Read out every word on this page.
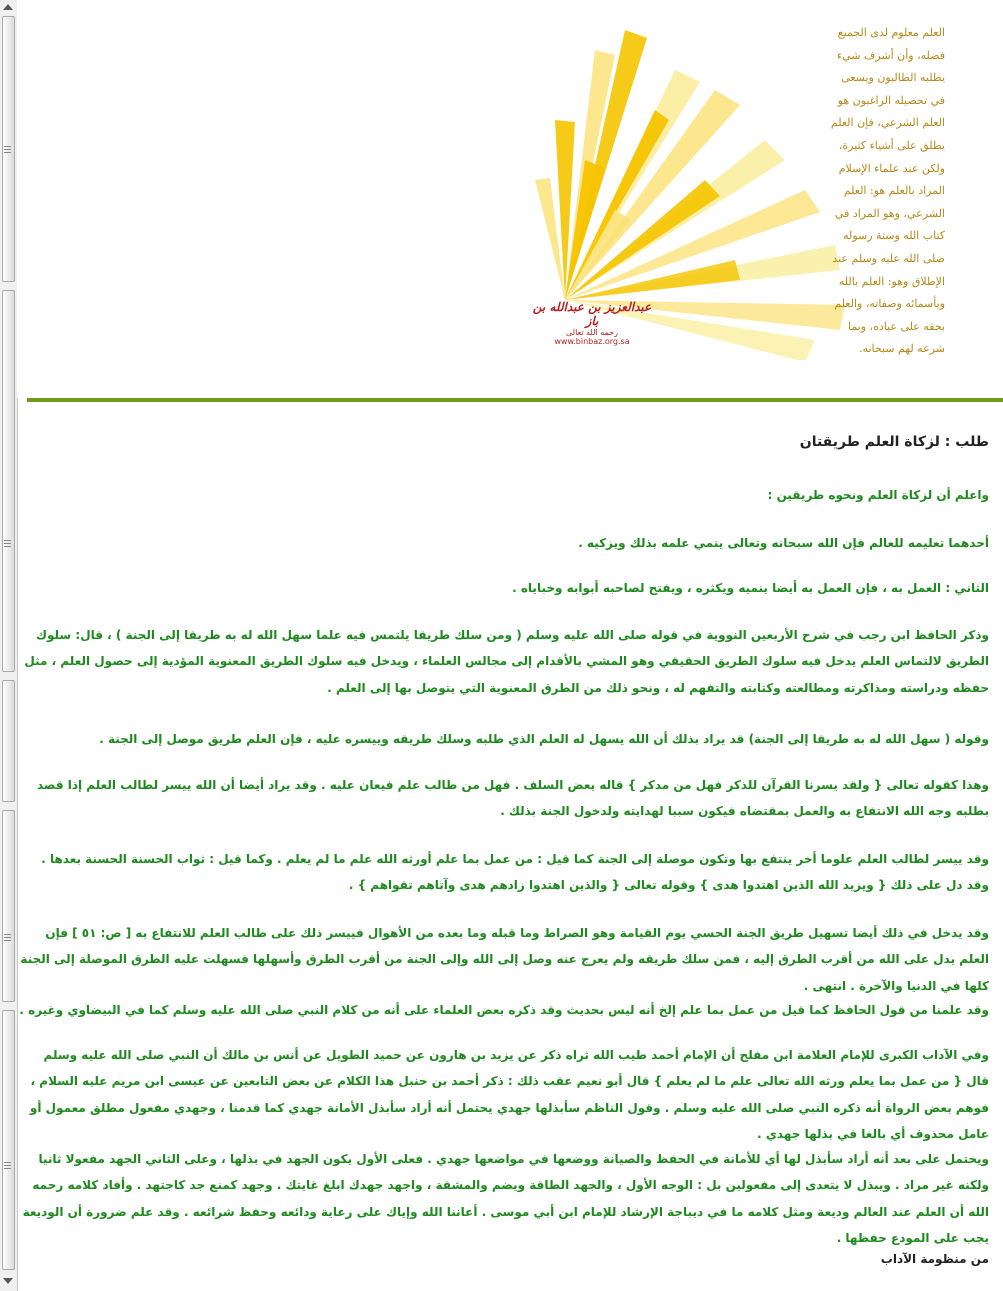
عبدالعزيز بن عبدالله بن باز
رحمه الله تعالى
www.binbaz.org.sa
العلم معلوم لدى الجميع
فضله، وأن أشرف شيء
يطلبه الطالبون ويسعى
في تحصيله الراغبون هو
العلم الشرعي، فإن العلم
يطلق على أشياء كثيرة،
ولكن عند علماء الإسلام
المراد بالعلم هو: العلم
الشرعي، وهو المراد في
كتاب الله وسنة رسوله
صلى الله عليه وسلم عند
الإطلاق وهو: العلم بالله
وبأسمائه وصفاته، والعلم
بحقه على عباده، وبما
شرعه لهم سبحانه.
طلب : لزكاة العلم طريقتان
واعلم أن لزكاة العلم ونحوه طريقين :
أحدهما تعليمه للعالم فإن الله سبحانه وتعالى ينمي علمه بذلك ويزكيه .
الثاني : العمل به ، فإن العمل به أيضا ينميه ويكثره ، ويفتح لصاحبه أبوابه وخباياه .
وذكر الحافظ ابن رجب في شرح الأربعين النووية في قوله صلى الله عليه وسلم ( ومن سلك طريقا يلتمس فيه علما سهل الله له به طريقا إلى الجنة ) ، قال: سلوك الطريق لالتماس العلم يدخل فيه سلوك الطريق الحقيقي وهو المشي بالأقدام إلى مجالس العلماء ، ويدخل فيه سلوك الطريق المعنوية المؤدية إلى حصول العلم ، مثل حفظه ودراسته ومذاكرته ومطالعته وكتابته والتفهم له ، ونحو ذلك من الطرق المعنوية التي يتوصل بها إلى العلم .
وقوله ( سهل الله له به طريقا إلى الجنة) قد يراد بذلك أن الله يسهل له العلم الذي طلبه وسلك طريقه وييسره عليه ، فإن العلم طريق موصل إلى الجنة .
وهذا كقوله تعالى { ولقد يسرنا القرآن للذكر فهل من مدكر } قاله بعض السلف . فهل من طالب علم فيعان عليه . وقد يراد أيضا أن الله ييسر لطالب العلم إذا قصد بطلبه وجه الله الانتفاع به والعمل بمقتضاه فيكون سببا لهدايته ولدخول الجنة بذلك .
وقد ييسر لطالب العلم علوما أخر ينتفع بها وتكون موصلة إلى الجنة كما قيل : من عمل بما علم أورثه الله علم ما لم يعلم . وكما قيل : ثواب الحسنة الحسنة بعدها . وقد دل على ذلك { ويزيد الله الذين اهتدوا هدى } وقوله تعالى { والذين اهتدوا زادهم هدى وآتاهم تقواهم } .
وقد يدخل في ذلك أيضا تسهيل طريق الجنة الحسي يوم القيامة وهو الصراط وما قبله وما بعده من الأهوال فييسر ذلك على طالب العلم للانتفاع به [ ص: ٥١ ] فإن العلم يدل على الله من أقرب الطرق إليه ، فمن سلك طريقه ولم يعرج عنه وصل إلى الله وإلى الجنة من أقرب الطرق وأسهلها فسهلت عليه الطرق الموصلة إلى الجنة كلها في الدنيا والآخرة . انتهى .
وقد علمنا من قول الحافظ كما قيل من عمل بما علم إلخ أنه ليس بحديث وقد ذكره بعض العلماء على أنه من كلام النبي صلى الله عليه وسلم كما في البيضاوي وغيره .
وفي الآداب الكبرى للإمام العلامة ابن مفلح أن الإمام أحمد طيب الله ثراه ذكر عن يزيد بن هارون عن حميد الطويل عن أنس بن مالك أن النبي صلى الله عليه وسلم قال { من عمل بما يعلم ورثه الله تعالى علم ما لم يعلم } قال أبو نعيم عقب ذلك : ذكر أحمد بن حنبل هذا الكلام عن بعض التابعين عن عيسى ابن مريم عليه السلام ، فوهم بعض الرواة أنه ذكره النبي صلى الله عليه وسلم . وقول الناظم سأبذلها جهدي يحتمل أنه أراد سأبذل الأمانة جهدي كما قدمنا ، وجهدي مفعول مطلق معمول أو عامل محذوف أي بالغا في بذلها جهدي .
ويحتمل على بعد أنه أراد سأبذل لها أي للأمانة في الحفظ والصيانة ووضعها في مواضعها جهدي . فعلى الأول يكون الجهد في بذلها ، وعلى الثاني الجهد مفعولا ثانيا ولكنه غير مراد . ويبذل لا يتعدى إلى مفعولين بل : الوجه الأول ، والجهد الطاقة ويضم والمشقة ، واجهد جهدك ابلغ غايتك . وجهد كمنع جد كاجتهد . وأفاد كلامه رحمه الله أن العلم عند العالم وديعة ومثل كلامه ما في ديباجة الإرشاد للإمام ابن أبي موسى . أعاننا الله وإياك على رعاية ودائعه وحفظ شرائعه . وقد علم ضرورة أن الوديعة يجب على المودع حفظها .
من منظومة الآداب
